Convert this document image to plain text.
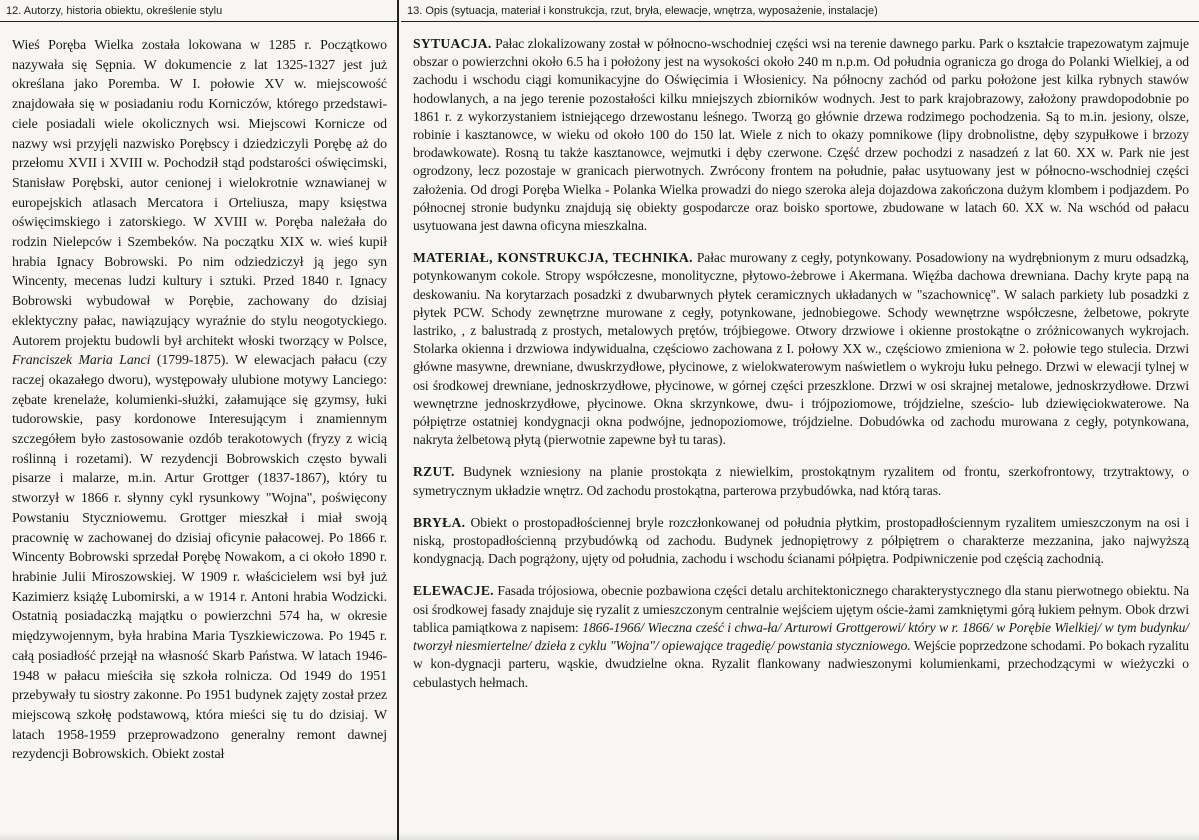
12. Autorzy, historia obiektu, określenie stylu
Wieś Poręba Wielka została lokowana w 1285 r. Początkowo nazywała się Sępnia. W dokumencie z lat 1325-1327 jest już określana jako Poremba. W I. połowie XV w. miejscowość znajdowała się w posiadaniu rodu Korniczów, którego przedstawi-ciele posiadali wiele okolicznych wsi. Miejscowi Kornicze od nazwy wsi przyjęli nazwisko Porębscy i dziedziczyli Porębę aż do przełomu XVII i XVIII w. Pochodził stąd podstarości oświęcimski, Stanisław Porębski, autor cenionej i wielokrotnie wznawianej w europejskich atlasach Mercatora i Orteliusza, mapy księstwa oświęcimskiego i zatorskiego. W XVIII w. Poręba należała do rodzin Nielepców i Szembeków. Na początku XIX w. wieś kupił hrabia Ignacy Bobrowski. Po nim odziedziczył ją jego syn Wincenty, mecenas ludzi kultury i sztuki. Przed 1840 r. Ignacy Bobrowski wybudował w Porębie, zachowany do dzisiaj eklektyczny pałac, nawiązujący wyraźnie do stylu neogotyckiego. Autorem projektu budowli był architekt włoski tworzący w Polsce, Franciszek Maria Lanci (1799-1875). W elewacjach pałacu (czy raczej okazałego dworu), występowały ulubione motywy Lanciego: zębate krenelaże, kolumienki-służki, załamujące się gzymsy, łuki tudorowskie, pasy kordonowe Interesującym i znamiennym szczegółem było zastosowanie ozdób terakotowych (fryzy z wicią roślinną i rozetami). W rezydencji Bobrowskich często bywali pisarze i malarze, m.in. Artur Grottger (1837-1867), który tu stworzył w 1866 r. słynny cykl rysunkowy "Wojna", poświęcony Powstaniu Styczniowemu. Grottger mieszkał i miał swoją pracownię w zachowanej do dzisiaj oficynie pałacowej. Po 1866 r. Wincenty Bobrowski sprzedał Porębę Nowakom, a ci około 1890 r. hrabinie Julii Miroszowskiej. W 1909 r. właścicielem wsi był już Kazimierz książę Lubomirski, a w 1914 r. Antoni hrabia Wodzicki. Ostatnią posiadaczką majątku o powierzchni 574 ha, w okresie międzywojennym, była hrabina Maria Tyszkiewiczowa. Po 1945 r. całą posiadłość przejął na własność Skarb Państwa. W latach 1946-1948 w pałacu mieściła się szkoła rolnicza. Od 1949 do 1951 przebywały tu siostry zakonne. Po 1951 budynek zajęty został przez miejscową szkołę podstawową, która mieści się tu do dzisiaj. W latach 1958-1959 przeprowadzono generalny remont dawnej rezydencji Bobrowskich. Obiekt został
13. Opis (sytuacja, materiał i konstrukcja, rzut, bryła, elewacje, wnętrza, wyposażenie, instalacje)

SYTUACJA. Pałac zlokalizowany został w północno-wschodniej części wsi na terenie dawnego parku. Park o kształcie trapezowatym zajmuje obszar o powierzchni około 6.5 ha i położony jest na wysokości około 240 m n.p.m. Od południa ogranicza go droga do Polanki Wielkiej, a od zachodu i wschodu ciągi komunikacyjne do Oświęcimia i Włosienicy. Na północny zachód od parku położone jest kilka rybnych stawów hodowlanych, a na jego terenie pozostałości kilku mniejszych zbiorników wodnych. Jest to park krajobrazowy, założony prawdopodobnie po 1861 r. z wykorzystaniem istniejącego drzewostanu leśnego. Tworzą go głównie drzewa rodzimego pochodzenia. Są to m.in. jesiony, olsze, robinie i kasztanowce, w wieku od około 100 do 150 lat. Wiele z nich to okazy pomnikowe (lipy drobnolistne, dęby szypułkowe i brzozy brodawkowate). Rosną tu także kasztanowce, wejmutki i dęby czerwone. Część drzew pochodzi z nasadzeń z lat 60. XX w. Park nie jest ogrodzony, lecz pozostaje w granicach pierwotnych. Zwrócony frontem na południe, pałac usytuowany jest w północno-wschodniej części założenia. Od drogi Poręba Wielka - Polanka Wielka prowadzi do niego szeroka aleja dojazdowa zakończona dużym klombem i podjazdem. Po północnej stronie budynku znajdują się obiekty gospodarcze oraz boisko sportowe, zbudowane w latach 60. XX w. Na wschód od pałacu usytuowana jest dawna oficyna mieszkalna.

MATERIAŁ, KONSTRUKCJA, TECHNIKA. Pałac murowany z cegły, potynkowany. Posadowiony na wydrębnionym z muru odsadzką, potynkowanym cokole. Stropy współczesne, monolityczne, płytowo-żebrowe i Akermana. Więźba dachowa drewniana. Dachy kryte papą na deskowaniu. Na korytarzach posadzki z dwubarwnych płytek ceramicznych układanych w "szachownicę". W salach parkiety lub posadzki z płytek PCW. Schody zewnętrzne murowane z cegły, potynkowane, jednobiegowe. Schody wewnętrzne współczesne, żelbetowe, pokryte lastriko, , z balustradą z prostych, metalowych prętów, trójbiegowe. Otwory drzwiowe i okienne prostokątne o zróżnicowanych wykrojach. Stolarka okienna i drzwiowa indywidualna, częściowo zachowana z I. połowy XX w., częściowo zmieniona w 2. połowie tego stulecia. Drzwi główne masywne, drewniane, dwuskrzydłowe, płycinowe, z wielokwaterowym naświetlem o wykroju łuku pełnego. Drzwi w elewacji tylnej w osi środkowej drewniane, jednoskrzydłowe, płycinowe, w górnej części przeszklone. Drzwi w osi skrajnej metalowe, jednoskrzydłowe. Drzwi wewnętrzne jednoskrzydłowe, płycinowe. Okna skrzynkowe, dwu- i trójpoziomowe, trójdzielne, sześcio- lub dziewięciokwaterowe. Na półpiętrze ostatniej kondygnacji okna podwójne, jednopoziomowe, trójdzielne. Dobudówka od zachodu murowana z cegły, potynkowana, nakryta żelbetową płytą (pierwotnie zapewne był tu taras).

RZUT. Budynek wzniesiony na planie prostokąta z niewielkim, prostokątnym ryzalitem od frontu, szerkofrontowy, trzytraktowy, o symetrycznym układzie wnętrz. Od zachodu prostokątna, parterowa przybudówka, nad którą taras.

BRYŁA. Obiekt o prostopadłościennej bryle rozczłonkowanej od południa płytkim, prostopadłościennym ryzalitem umieszczonym na osi i niską, prostopadłościenną przybudówką od zachodu. Budynek jednopiętrowy z półpiętrem o charakterze mezzanina, jako najwyższą kondygnacją. Dach pogrążony, ujęty od południa, zachodu i wschodu ścianami półpiętra. Podpiwniczenie pod częścią zachodnią.

ELEWACJE. Fasada trójosiowa, obecnie pozbawiona części detalu architektonicznego charakterystycznego dla stanu pierwotnego obiektu. Na osi środkowej fasady znajduje się ryzalit z umieszczonym centralnie wejściem ujętym oście-żami zamkniętymi górą łukiem pełnym. Obok drzwi tablica pamiątkowa z napisem: 1866-1966/ Wieczna cześć i chwa-ła/ Arturowi Grottgerowi/ który w r. 1866/ w Porębie Wielkiej/ w tym budynku/ tworzył niesmiertelne/ dzieła z cyklu "Wojna"/ opiewające tragedię/ powstania styczniowego. Wejście poprzedzone schodami. Po bokach ryzalitu w kon-dygnacji parteru, wąskie, dwudzielne okna. Ryzalit flankowany nadwieszonymi kolumienkami, przechodzącymi w wieżyczki o cebulastych hełmach.
